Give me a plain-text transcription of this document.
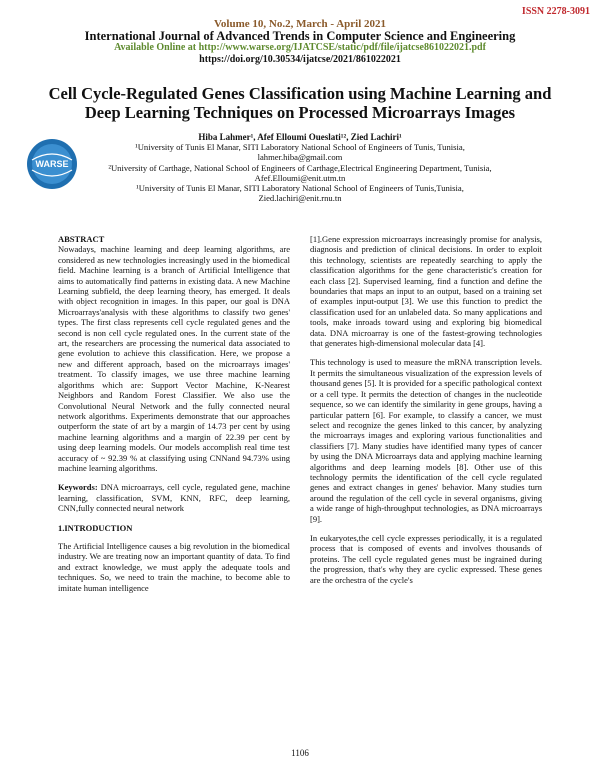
ISSN 2278-3091
Volume 10, No.2, March - April 2021
International Journal of Advanced Trends in Computer Science and Engineering
Available Online at http://www.warse.org/IJATCSE/static/pdf/file/ijatcse861022021.pdf
https://doi.org/10.30534/ijatcse/2021/861022021
Cell Cycle-Regulated Genes Classification using Machine Learning and Deep Learning Techniques on Processed Microarrays Images
WARSE
Hiba Lahmer¹, Afef Elloumi Oueslati¹², Zied Lachiri¹
¹University of Tunis El Manar, SITI Laboratory National School of Engineers of Tunis, Tunisia,
lahmer.hiba@gmail.com
²University of Carthage, National School of Engineers of Carthage,Electrical Engineering Department, Tunisia,
Afef.Elloumi@enit.utm.tn
¹University of Tunis El Manar, SITI Laboratory National School of Engineers of Tunis,Tunisia,
Zied.lachiri@enit.rnu.tn
ABSTRACT

Nowadays, machine learning and deep learning algorithms, are considered as new technologies increasingly used in the biomedical field. Machine learning is a branch of Artificial Intelligence that aims to automatically find patterns in existing data. A new Machine Learning subfield, the deep learning theory, has emerged. It deals with object recognition in images. In this paper, our goal is DNA Microarrays'analysis with these algorithms to classify two genes' types. The first class represents cell cycle regulated genes and the second is non cell cycle regulated ones. In the current state of the art, the researchers are processing the numerical data associated to gene evolution to achieve this classification. Here, we propose a new and different approach, based on the microarrays images' treatment. To classify images, we use three machine learning algorithms which are: Support Vector Machine, K-Nearest Neighbors and Random Forest Classifier. We also use the Convolutional Neural Network and the fully connected neural network algorithms. Experiments demonstrate that our approaches outperform the state of art by a margin of 14.73 per cent by using machine learning algorithms and a margin of 22.39 per cent by using deep learning models. Our models accomplish real time test accuracy of ~ 92.39 % at classifying using CNNand 94.73% using machine learning algorithms.

Keywords: DNA microarrays, cell cycle, regulated gene, machine learning, classification, SVM, KNN, RFC, deep learning, CNN,fully connected neural network

1.INTRODUCTION

The Artificial Intelligence causes a big revolution in the biomedical industry. We are treating now an important quantity of data. To find and extract knowledge, we must apply the adequate tools and techniques. So, we need to train the machine, to become able to imitate human intelligence

[1].Gene expression microarrays increasingly promise for analysis, diagnosis and prediction of clinical decisions. In order to exploit this technology, scientists are repeatedly searching to apply the classification algorithms for the gene characteristic's creation for each class [2]. Supervised learning, find a function and define the boundaries that maps an input to an output, based on a training set of examples input-output [3]. We use this function to predict the classification used for an unlabeled data. So many applications and tools, make inroads toward using and exploring big biomedical data. DNA microarray is one of the fastest-growing technologies that generates high-dimensional molecular data [4].

This technology is used to measure the mRNA transcription levels. It permits the simultaneous visualization of the expression levels of thousand genes [5]. It is provided for a specific pathological context or a cell type. It permits the detection of changes in the nucleotide sequence, so we can identify the similarity in gene groups, having a particular pattern [6]. For example, to classify a cancer, we must select and recognize the genes linked to this cancer, by analyzing the microarrays images and exploring various functionalities and classifiers [7]. Many studies have identified many types of cancer by using the DNA Microarrays data and applying machine learning algorithms and deep learning models [8]. Other use of this technology permits the identification of the cell cycle regulated genes and extract changes in genes' behavior. Many studies turn around the regulation of the cell cycle in several organisms, giving a wide range of high-throughput technologies, as DNA microarrays [9].

In eukaryotes,the cell cycle expresses periodically, it is a regulated process that is composed of events and involves thousands of proteins. The cell cycle regulated genes must be ingrained during the progression, that's why they are cyclic expressed. These genes are the orchestra of the cycle's

1106
